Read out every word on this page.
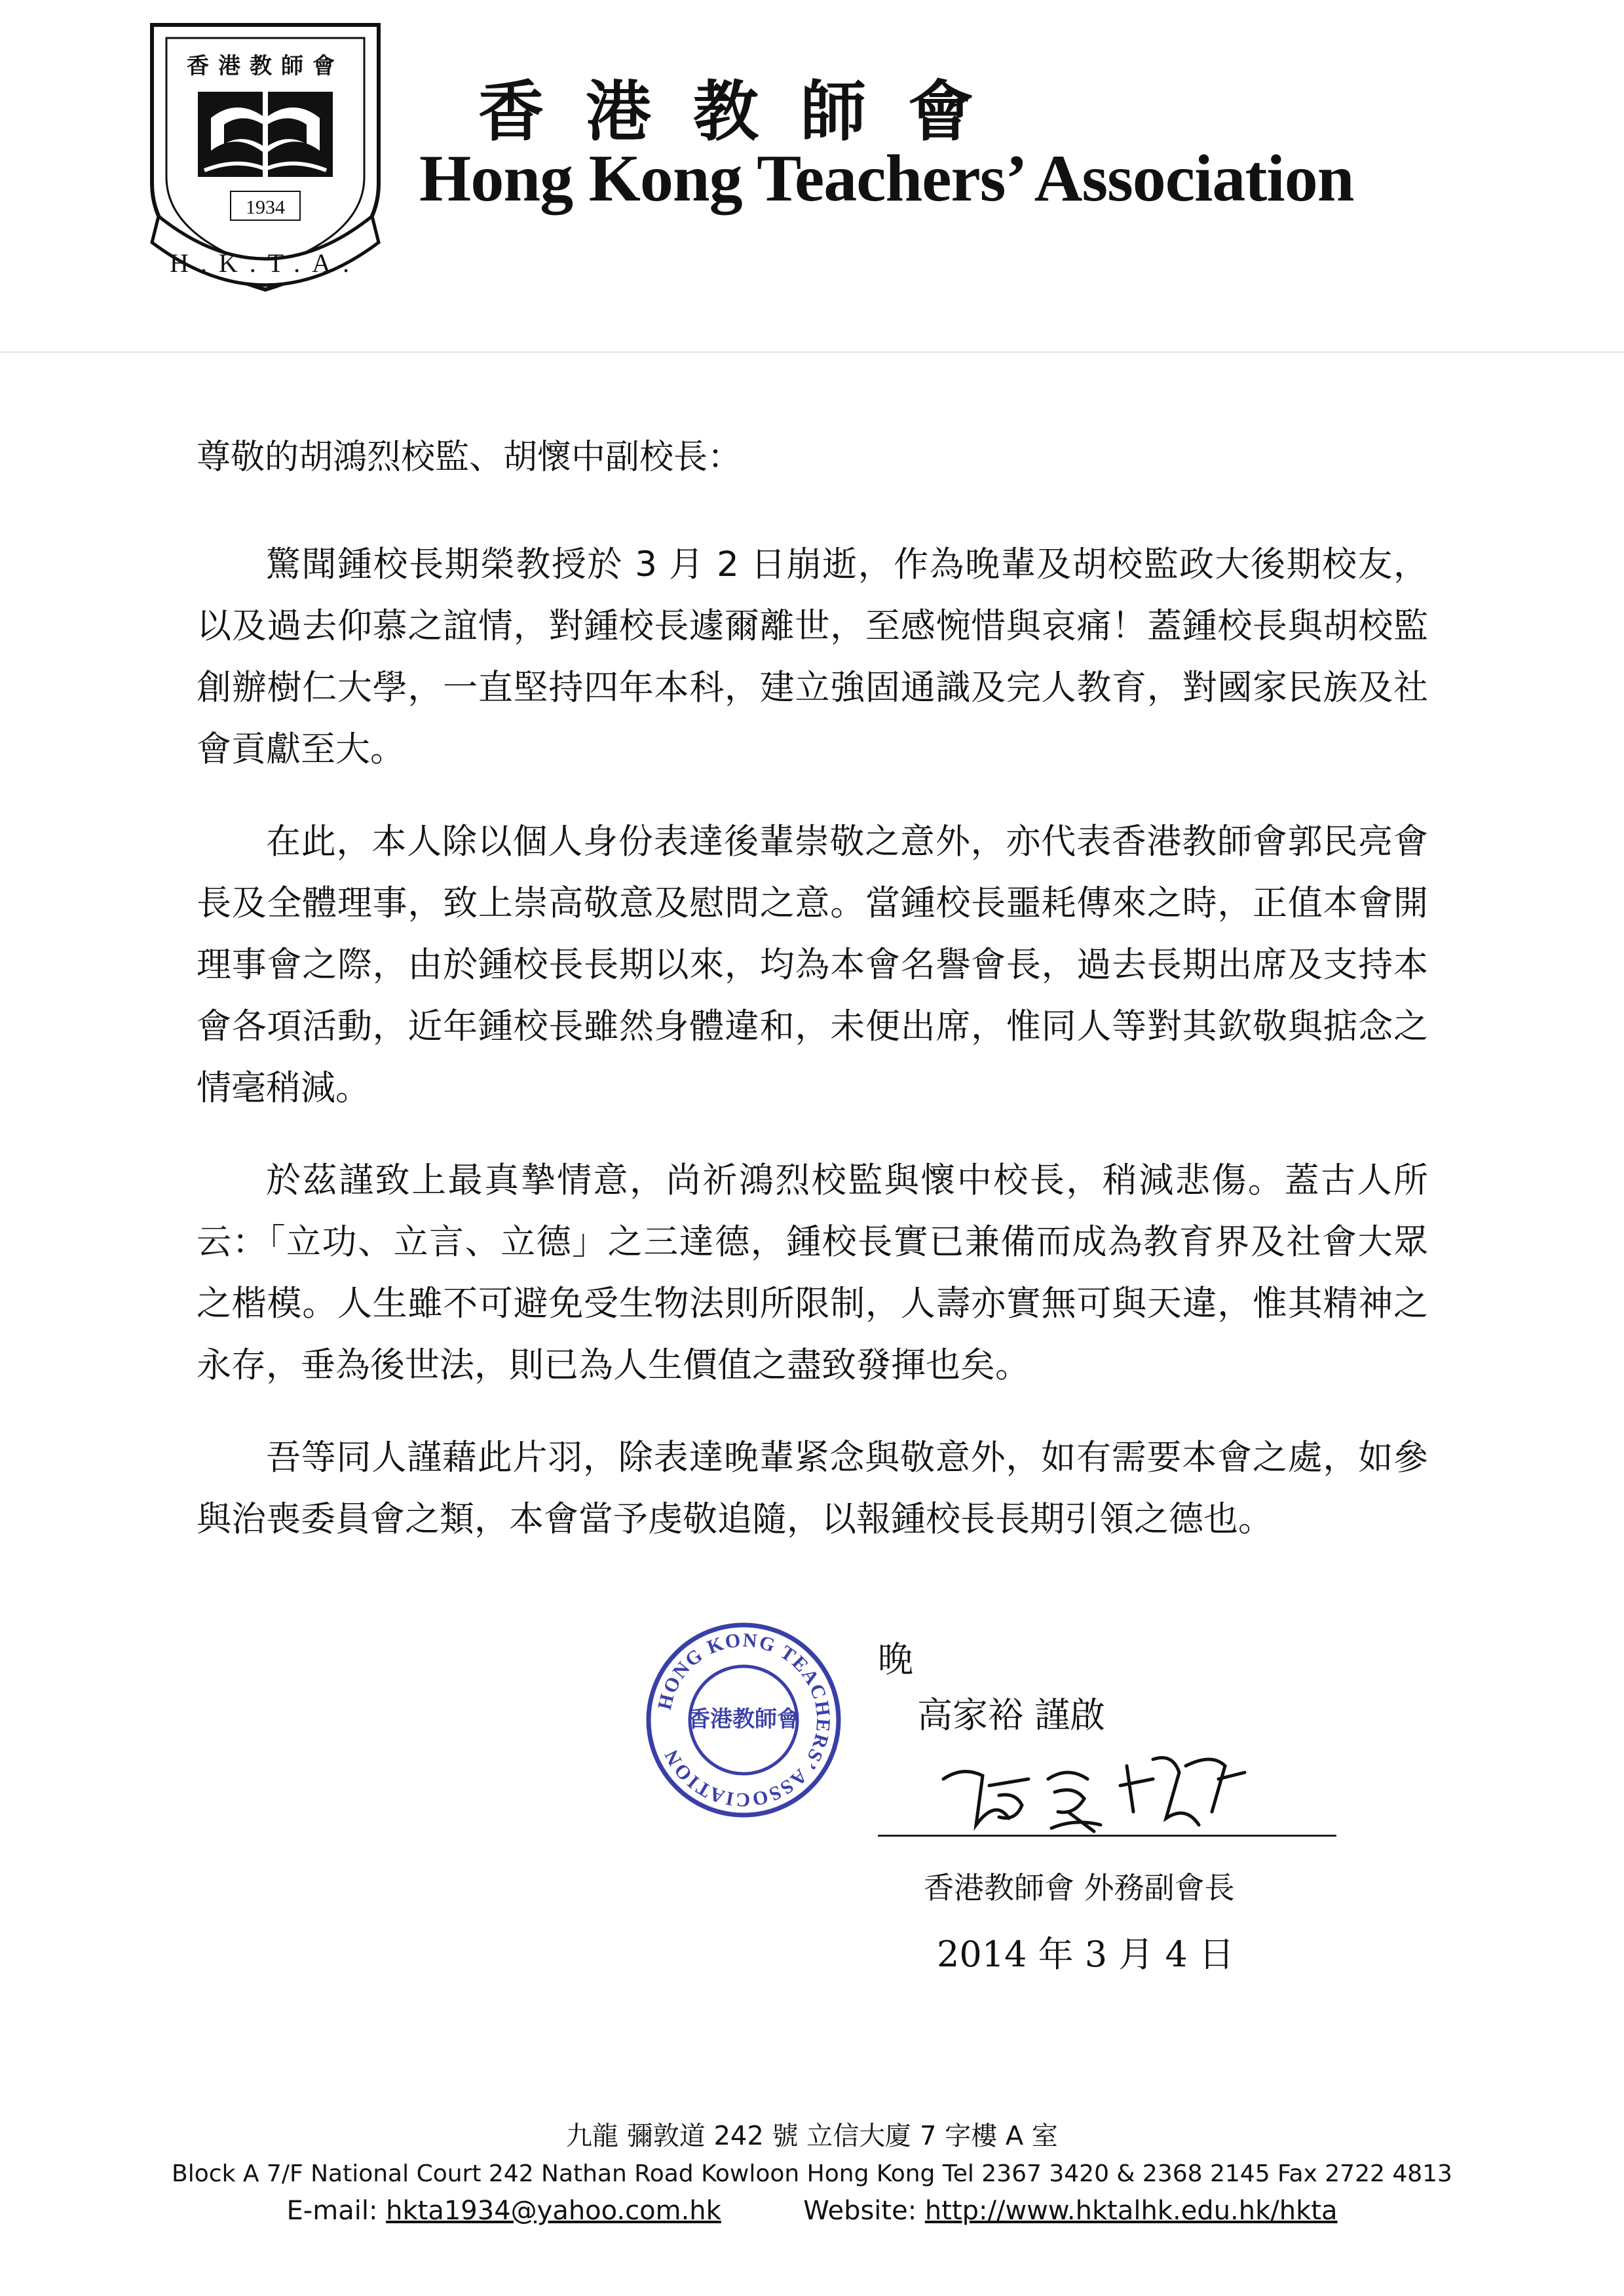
香港教師會
1934
H.K.T.A.
香港教師會
Hong Kong Teachers’ Association
尊敬的胡鴻烈校監、胡懷中副校長：

驚聞鍾校長期榮教授於 3 月 2 日崩逝，作為晚輩及胡校監政大後期校友，以及過去仰慕之誼情，對鍾校長遽爾離世，至感惋惜與哀痛！蓋鍾校長與胡校監創辦樹仁大學，一直堅持四年本科，建立強固通識及完人教育，對國家民族及社會貢獻至大。

在此，本人除以個人身份表達後輩崇敬之意外，亦代表香港教師會郭民亮會長及全體理事，致上崇高敬意及慰問之意。當鍾校長噩耗傳來之時，正值本會開理事會之際，由於鍾校長長期以來，均為本會名譽會長，過去長期出席及支持本會各項活動，近年鍾校長雖然身體違和，未便出席，惟同人等對其欽敬與掂念之情毫稍減。

於茲謹致上最真摯情意，尚祈鴻烈校監與懷中校長，稍減悲傷。蓋古人所云：「立功、立言、立德」之三達德，鍾校長實已兼備而成為教育界及社會大眾之楷模。人生雖不可避免受生物法則所限制，人壽亦實無可與天違，惟其精神之永存，垂為後世法，則已為人生價值之盡致發揮也矣。

吾等同人謹藉此片羽，除表達晚輩紧念與敬意外，如有需要本會之處，如參與治喪委員會之類，本會當予虔敬追隨，以報鍾校長長期引領之德也。

HONG KONG TEACHERS’ ASSOCIATION
香港教師會
晚
高家裕 謹啟
香港教師會 外務副會長
2014 年 3 月 4 日
九龍 彌敦道 242 號 立信大廈 7 字樓 A 室
Block A 7/F National Court 242 Nathan Road Kowloon Hong Kong Tel 2367 3420 & 2368 2145 Fax 2722 4813
E-mail: hkta1934@yahoo.com.hk	Website: http://www.hktalhk.edu.hk/hkta
